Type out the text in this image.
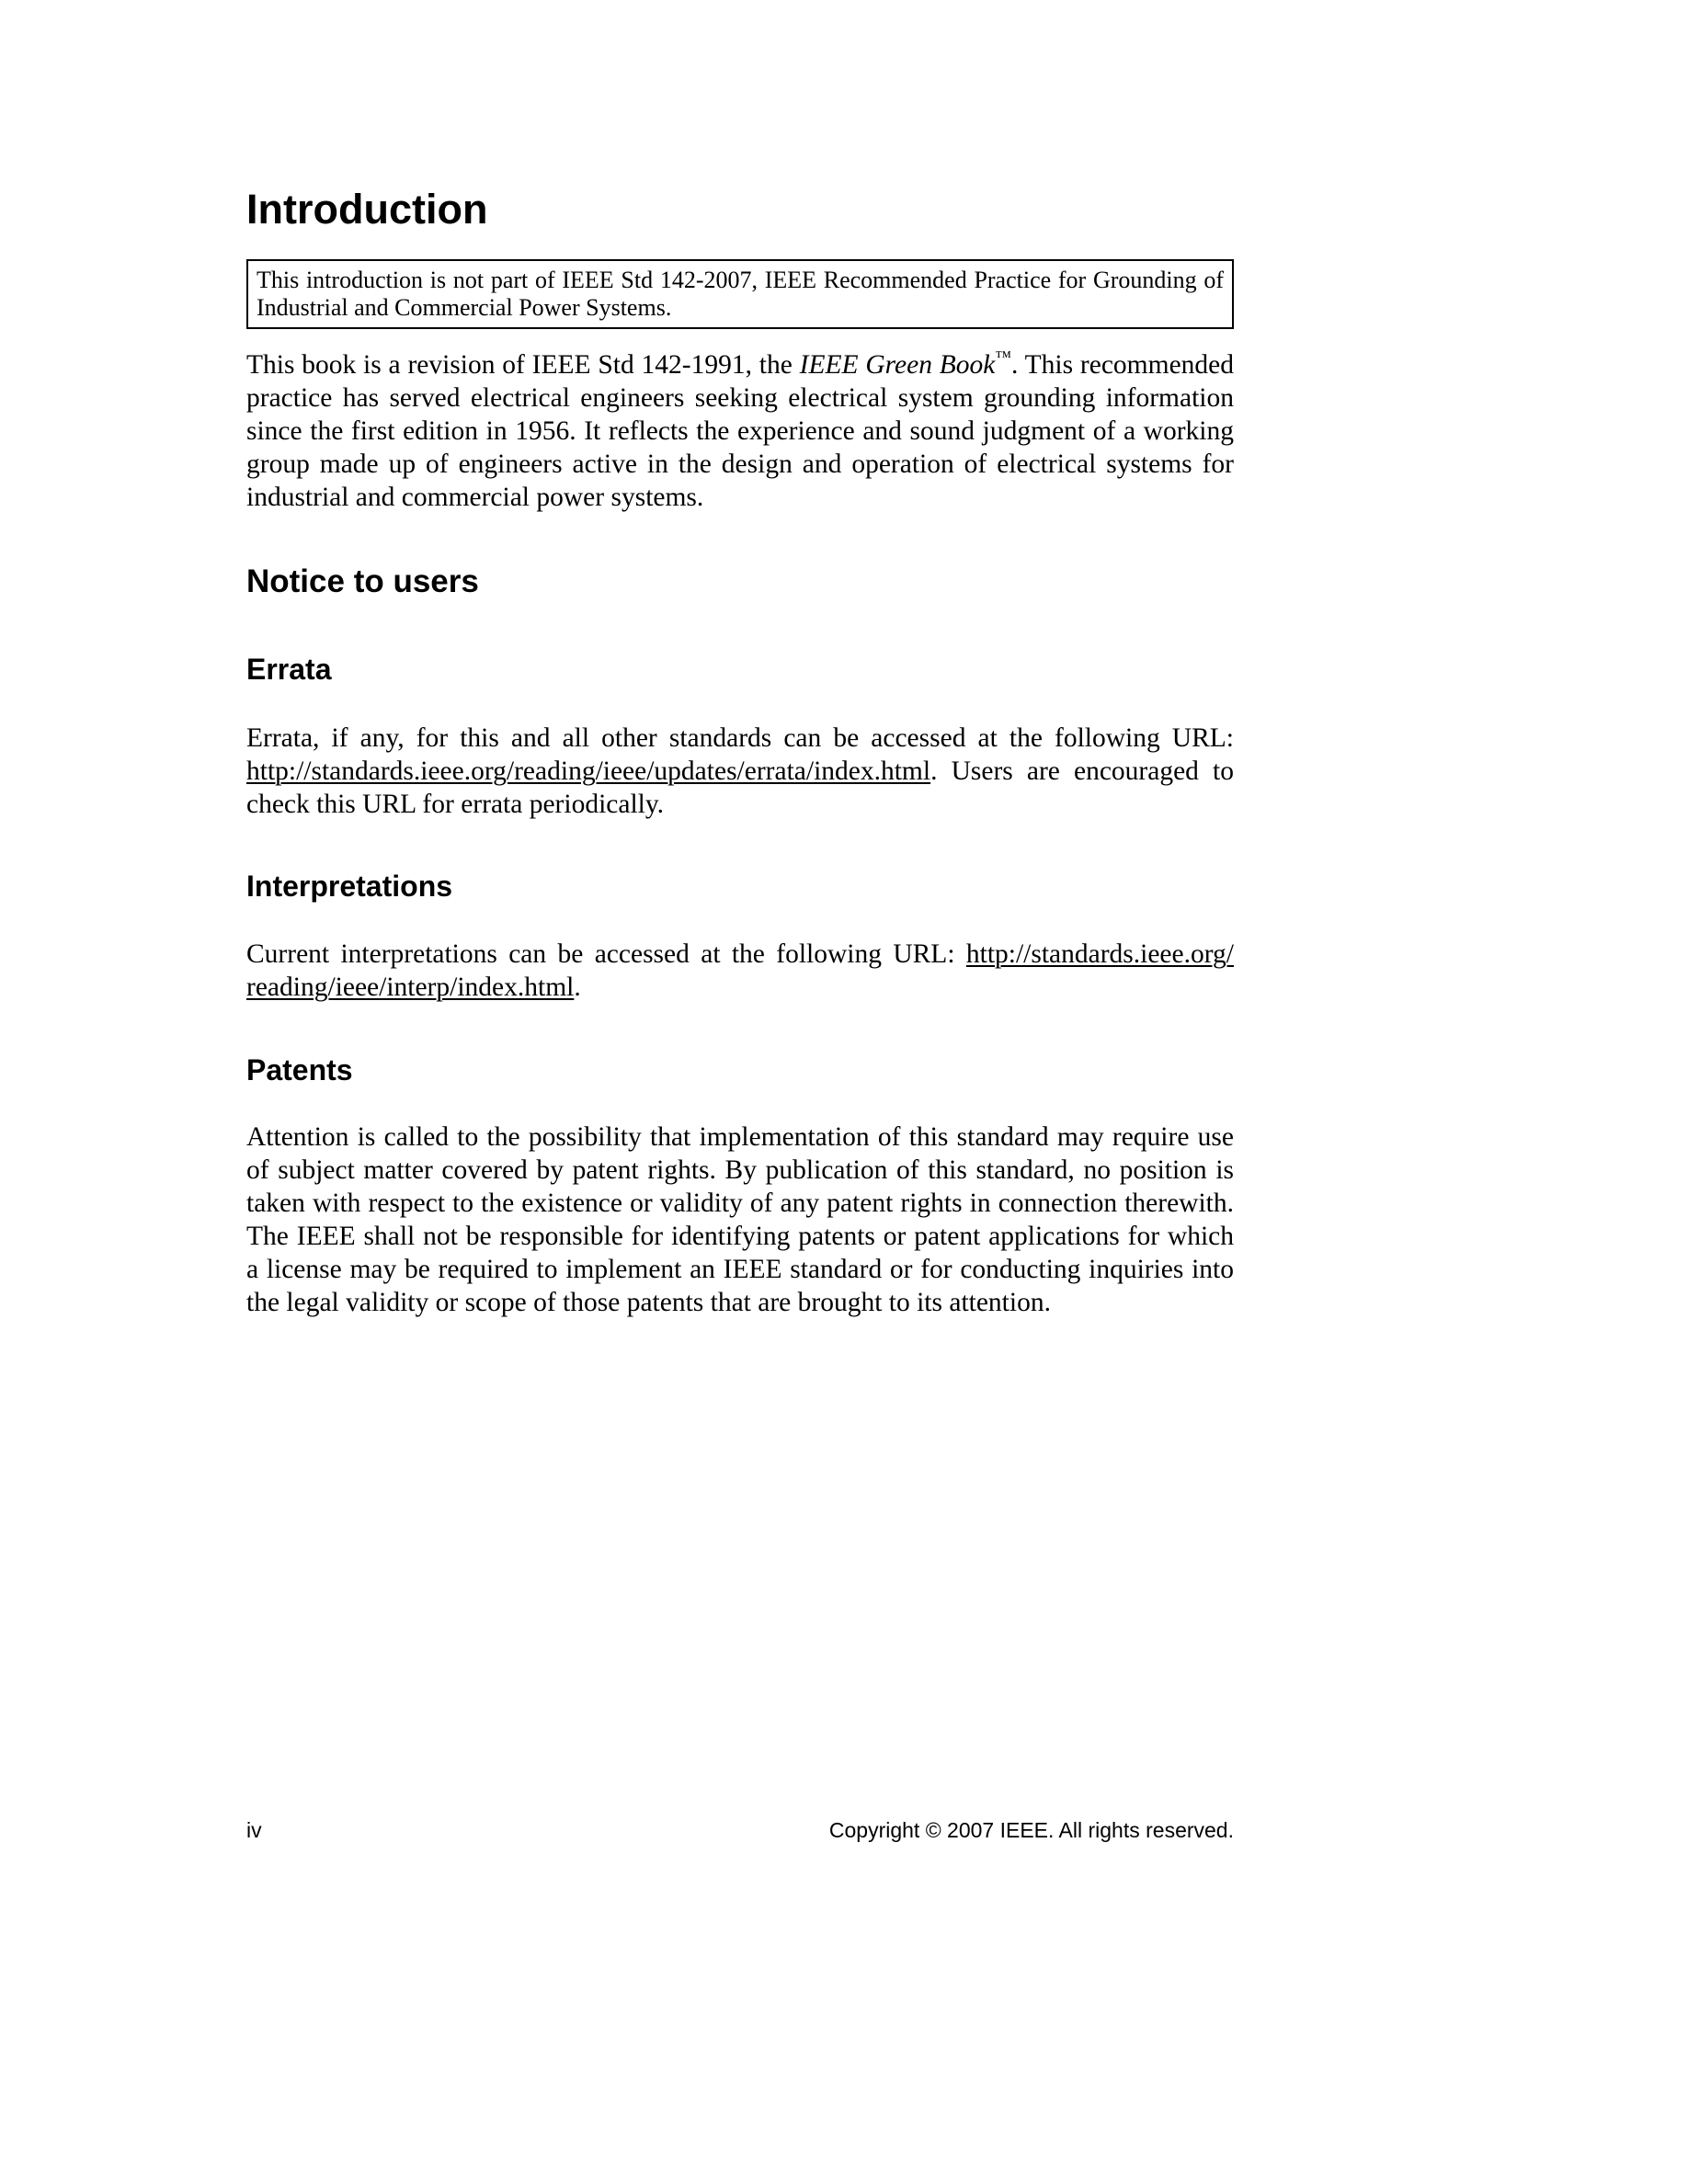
Introduction
This introduction is not part of IEEE Std 142-2007, IEEE Recommended Practice for Grounding of Industrial and Commercial Power Systems.

This book is a revision of IEEE Std 142-1991, the IEEE Green Book™. This recommended practice has served electrical engineers seeking electrical system grounding information since the first edition in 1956. It reflects the experience and sound judgment of a working group made up of engineers active in the design and operation of electrical systems for industrial and commercial power systems.

Notice to users
Errata

Errata, if any, for this and all other standards can be accessed at the following URL: http://standards.ieee.org/reading/ieee/updates/errata/index.html. Users are encouraged to check this URL for errata periodically.

Interpretations

Current interpretations can be accessed at the following URL: http://standards.ieee.org/ reading/ieee/interp/index.html.

Patents

Attention is called to the possibility that implementation of this standard may require use of subject matter covered by patent rights. By publication of this standard, no position is taken with respect to the existence or validity of any patent rights in connection therewith. The IEEE shall not be responsible for identifying patents or patent applications for which a license may be required to implement an IEEE standard or for conducting inquiries into the legal validity or scope of those patents that are brought to its attention.

iv	Copyright © 2007 IEEE. All rights reserved.
